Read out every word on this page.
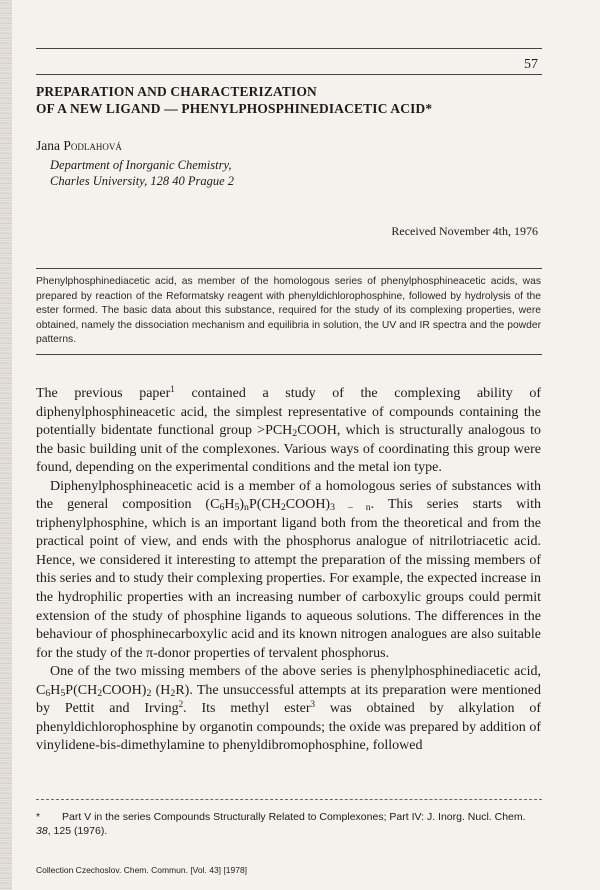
57
PREPARATION AND CHARACTERIZATION
OF A NEW LIGAND — PHENYLPHOSPHINEDIACETIC ACID*
Jana Podlahová
Department of Inorganic Chemistry,
Charles University, 128 40 Prague 2
Received November 4th, 1976
Phenylphosphinediacetic acid, as member of the homologous series of phenylphosphineacetic acids, was prepared by reaction of the Reformatsky reagent with phenyldichlorophosphine, followed by hydrolysis of the ester formed. The basic data about this substance, required for the study of its complexing properties, were obtained, namely the dissociation mechanism and equilibria in solution, the UV and IR spectra and the powder patterns.

The previous paper$^1$ contained a study of the complexing ability of diphenylphosphineacetic acid, the simplest representative of compounds containing the potentially bidentate functional group $>PCH_2COOH$, which is structurally analogous to the basic building unit of the complexones. Various ways of coordinating this group were found, depending on the experimental conditions and the metal ion type.

Diphenylphosphineacetic acid is a member of a homologous series of substances with the general composition $(C_6H_5)_nP(CH_2COOH)_{3 - n}$. This series starts with triphenylphosphine, which is an important ligand both from the theoretical and from the practical point of view, and ends with the phosphorus analogue of nitrilotriacetic acid. Hence, we considered it interesting to attempt the preparation of the missing members of this series and to study their complexing properties. For example, the expected increase in the hydrophilic properties with an increasing number of carboxylic groups could permit extension of the study of phosphine ligands to aqueous solutions. The differences in the behaviour of phosphinecarboxylic acid and its known nitrogen analogues are also suitable for the study of the π-donor properties of tervalent phosphorus.

One of the two missing members of the above series is phenylphosphinediacetic acid, $C_6H_5P(CH_2COOH)_2$ $(H_2R)$. The unsuccessful attempts at its preparation were mentioned by Pettit and Irving$^2$. Its methyl ester$^3$ was obtained by alkylation of phenyldichlorophosphine by organotin compounds; the oxide was prepared by addition of vinylidene-bis-dimethylamine to phenyldibromophosphine, followed

* Part V in the series Compounds Structurally Related to Complexones; Part IV: J. Inorg. Nucl. Chem. 38, 125 (1976).
Collection Czechoslov. Chem. Commun. [Vol. 43] [1978]
